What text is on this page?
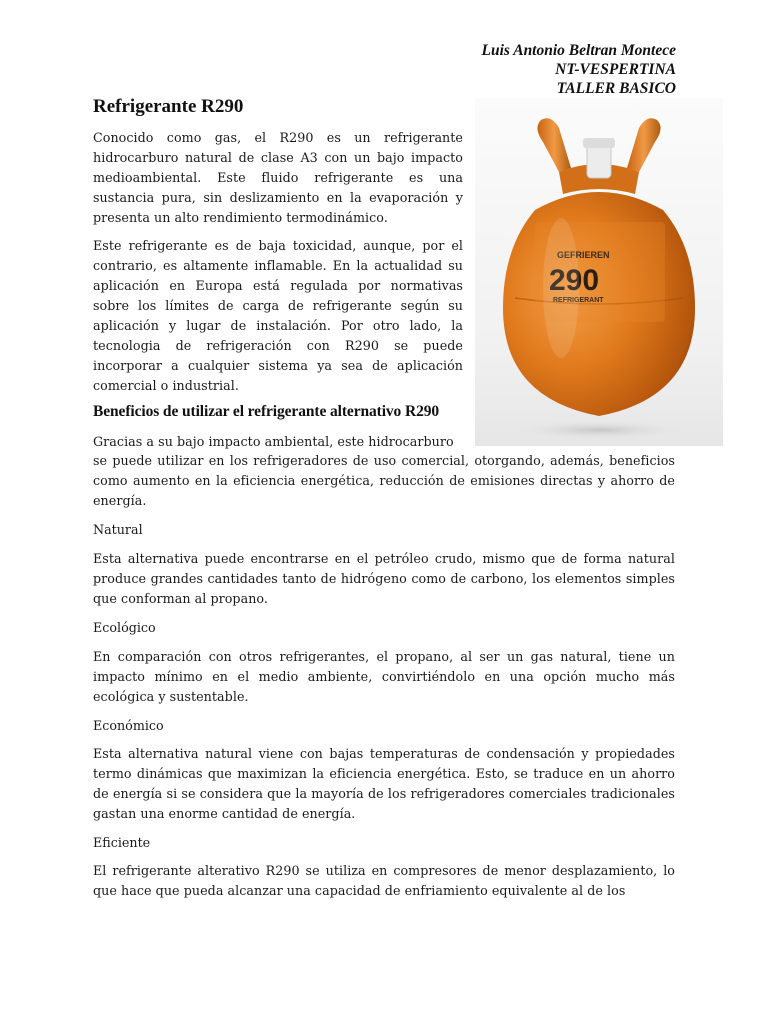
Luis Antonio Beltran Montece
NT-VESPERTINA
TALLER BASICO
Refrigerante R290

Conocido como gas, el R290 es un refrigerante hidrocarburo natural de clase A3 con un bajo impacto medioambiental. Este fluido refrigerante es una sustancia pura, sin deslizamiento en la evaporación y presenta un alto rendimiento termodinámico.

Este refrigerante es de baja toxicidad, aunque, por el contrario, es altamente inflamable. En la actualidad su aplicación en Europa está regulada por normativas sobre los límites de carga de refrigerante según su aplicación y lugar de instalación. Por otro lado, la tecnologia de refrigeración con R290 se puede incorporar a cualquier sistema ya sea de aplicación comercial o industrial.

Beneficios de utilizar el refrigerante alternativo R290

Gracias a su bajo impacto ambiental, este hidrocarburo

se puede utilizar en los refrigeradores de uso comercial, otorgando, además, beneficios como aumento en la eficiencia energética, reducción de emisiones directas y ahorro de energía.

Natural

Esta alternativa puede encontrarse en el petróleo crudo, mismo que de forma natural produce grandes cantidades tanto de hidrógeno como de carbono, los elementos simples que conforman al propano.

Ecológico

En comparación con otros refrigerantes, el propano, al ser un gas natural, tiene un impacto mínimo en el medio ambiente, convirtiéndolo en una opción mucho más ecológica y sustentable.

Económico

Esta alternativa natural viene con bajas temperaturas de condensación y propiedades termo dinámicas que maximizan la eficiencia energética. Esto, se traduce en un ahorro de energía si se considera que la mayoría de los refrigeradores comerciales tradicionales gastan una enorme cantidad de energía.

Eficiente

El refrigerante alterativo R290 se utiliza en compresores de menor desplazamiento, lo que hace que pueda alcanzar una capacidad de enfriamiento equivalente al de los

GEFRIEREN
290
REFRIGERANT
